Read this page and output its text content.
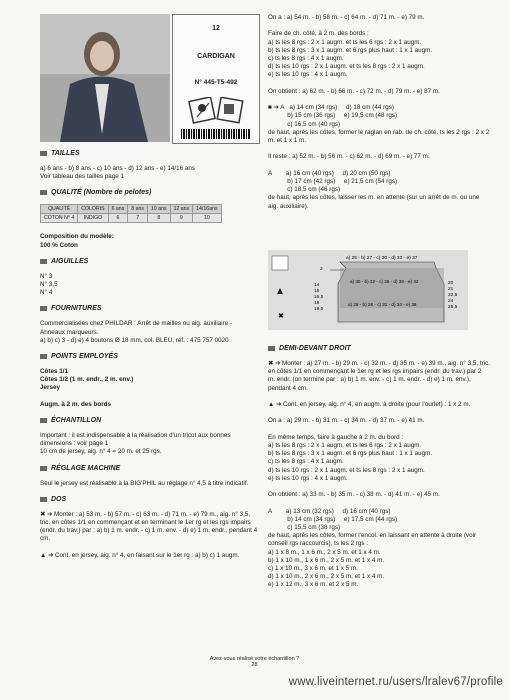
12
CARDIGAN
N° 445-T5-492
TAILLES

a) 6 ans - b) 8 ans - c) 10 ans - d) 12 ans - e) 14/16 ans
Voir tableau des tailles page 1

QUALITÉ (Nombre de pelotes)
QUALITÉ	COLORIS	6 ans	8 ans	10 ans	12 ans	14/16ans
COTON N° 4	INDIGO	6	7	8	9	10

Composition du modèle:
100 % Coton

AIGUILLES

N° 3
N° 3,5
N° 4

FOURNITURES

Commercialisées chez PHILDAR : Arrêt de mailles ou aig. auxiliaire - Anneaux marqueurs.
a) b) c) 3 - d) e) 4 boutons Ø 18 mm, col. BLEU, réf. : 475 757 0020

POINTS EMPLOYÉS

Côtes 1/1
Côtes 1/2 (1 m. endr., 2 m. env.)
Jersey

Augm. à 2 m. des bords

ÉCHANTILLON

Important : il est indispensable à la réalisation d'un tricot aux bonnes dimensions : voir page 1
10 cm de jersey, aig. n° 4 = 20 m. et 25 rgs.

RÉGLAGE MACHINE

Seul le jersey est réalisable à la BIG'PHIL au réglage n° 4,5 à titre indicatif.

DOS

✖ ➔ Monter : a) 53 m. - b) 57 m. - c) 63 m. - d) 71 m. - e) 79 m., aig. n° 3,5, tric. en côtes 1/1 en commençant et en terminant le 1er rg et les rgs impairs (endr. du trav.) par : a) b) 1 m. endr. - c) 1 m. env. - d) e) 1 m. endr., pendant 4 cm.

▲ ➔ Cont. en jersey, aig. n° 4, en faisant sur le 1er rg : a) b) c) 1 augm.

On a : a) 54 m. - b) 58 m. - c) 64 m. - d) 71 m. - e) 79 m.

Faire de ch. côté, à 2 m. des bords :
a) ts les 8 rgs : 2 x 1 augm. et ts les 6 rgs : 2 x 1 augm.
b) ts les 8 rgs : 3 x 1 augm. et 6 rgs plus haut : 1 x 1 augm.
c) ts les 8 rgs : 4 x 1 augm.
d) ts les 10 rgs : 2 x 1 augm. et ts les 8 rgs : 2 x 1 augm.
e) ts les 10 rgs : 4 x 1 augm.

On obtient : a) 62 m. - b) 66 m. - c) 72 m. - d) 79 m. - e) 87 m.

■ ➔ A   a) 14 cm (34 rgs)     d) 18 cm (44 rgs)
b) 15 cm (36 rgs)     e) 19,5 cm (48 rgs)
c) 16,5 cm (40 rgs)
de haut, après les côtes, former le raglan en rab. de ch. côté, ts les 2 rgs : 2 x 2 m. et 1 x 1 m.

Il reste : a) 52 m. - b) 56 m. - c) 62 m. - d) 69 m. - e) 77 m.

A        a) 16 cm (40 rgs)     d) 20 cm (50 rgs)
b) 17 cm (42 rgs)     e) 21,5 cm (54 rgs)
c) 18,5 cm (46 rgs)
de haut, après les côtes, laisser les m. en attente (sur un arrêt de m. ou une aig. auxiliaire).

✖
2
14
15
16,5
18
19,5
a) 25 - b) 27 - c) 30 - d) 33 - e) 37
a) 30 - b) 32 - c) 35 - d) 38 - e) 42
a) 26 - b) 28 - c) 31 - d) 34 - e) 38
20
21
22,5
24
25,5
DEMI-DEVANT DROIT

✖ ➔ Monter : a) 27 m. - b) 29 m. - c) 32 m. - d) 35 m. - e) 39 m., aig. n° 3,5, tric. en côtes 1/1 en commençant le 1er rg et les rgs impairs (endr. du trav.) par 2 m. endr. (on termine par : a) b) 1 m. env. - c) 1 m. endr. - d) e) 1 m. env.), pendant 4 cm.

▲ ➔ Cont. en jersey, aig. n° 4, en augm. à droite (pour l'ourlet) : 1 x 2 m.

On a : a) 29 m. - b) 31 m. - c) 34 m. - d) 37 m. - e) 41 m.

En même temps, faire à gauche à 2 m. du bord :
a) ts les 8 rgs : 2 x 1 augm. et ts les 6 rgs : 2 x 1 augm.
b) ts les 8 rgs : 3 x 1 augm. et 6 rgs plus haut : 1 x 1 augm.
c) ts les 8 rgs : 4 x 1 augm.
d) ts les 10 rgs : 2 x 1 augm. et ts les 8 rgs : 2 x 1 augm.
e) ts les 10 rgs : 4 x 1 augm.

On obtient : a) 33 m. - b) 35 m. - c) 38 m. - d) 41 m. - e) 45 m.

A        a) 13 cm (32 rgs)     d) 16 cm (40 rgs)
b) 14 cm (34 rgs)     e) 17,5 cm (44 rgs)
c) 15,5 cm (38 rgs)
de haut, après les côtes, former l'encol. en laissant en attente à droite (voir conseil rgs raccourcis), ts les 2 rgs :
a) 1 x 8 m., 1 x 6 m., 2 x 5 m. et 1 x 4 m.
b) 1 x 10 m., 1 x 6 m., 2 x 5 m. et 1 x 4 m.
c) 1 x 10 m., 3 x 6 m. et 1 x 5 m.
d) 1 x 10 m., 2 x 6 m., 2 x 5 m. et 1 x 4 m.
e) 1 x 12 m., 3 x 6 m. et 2 x 5 m.

Avez-vous réalisé votre échantillon ?
28
www.liveinternet.ru/users/lralev67/profile
